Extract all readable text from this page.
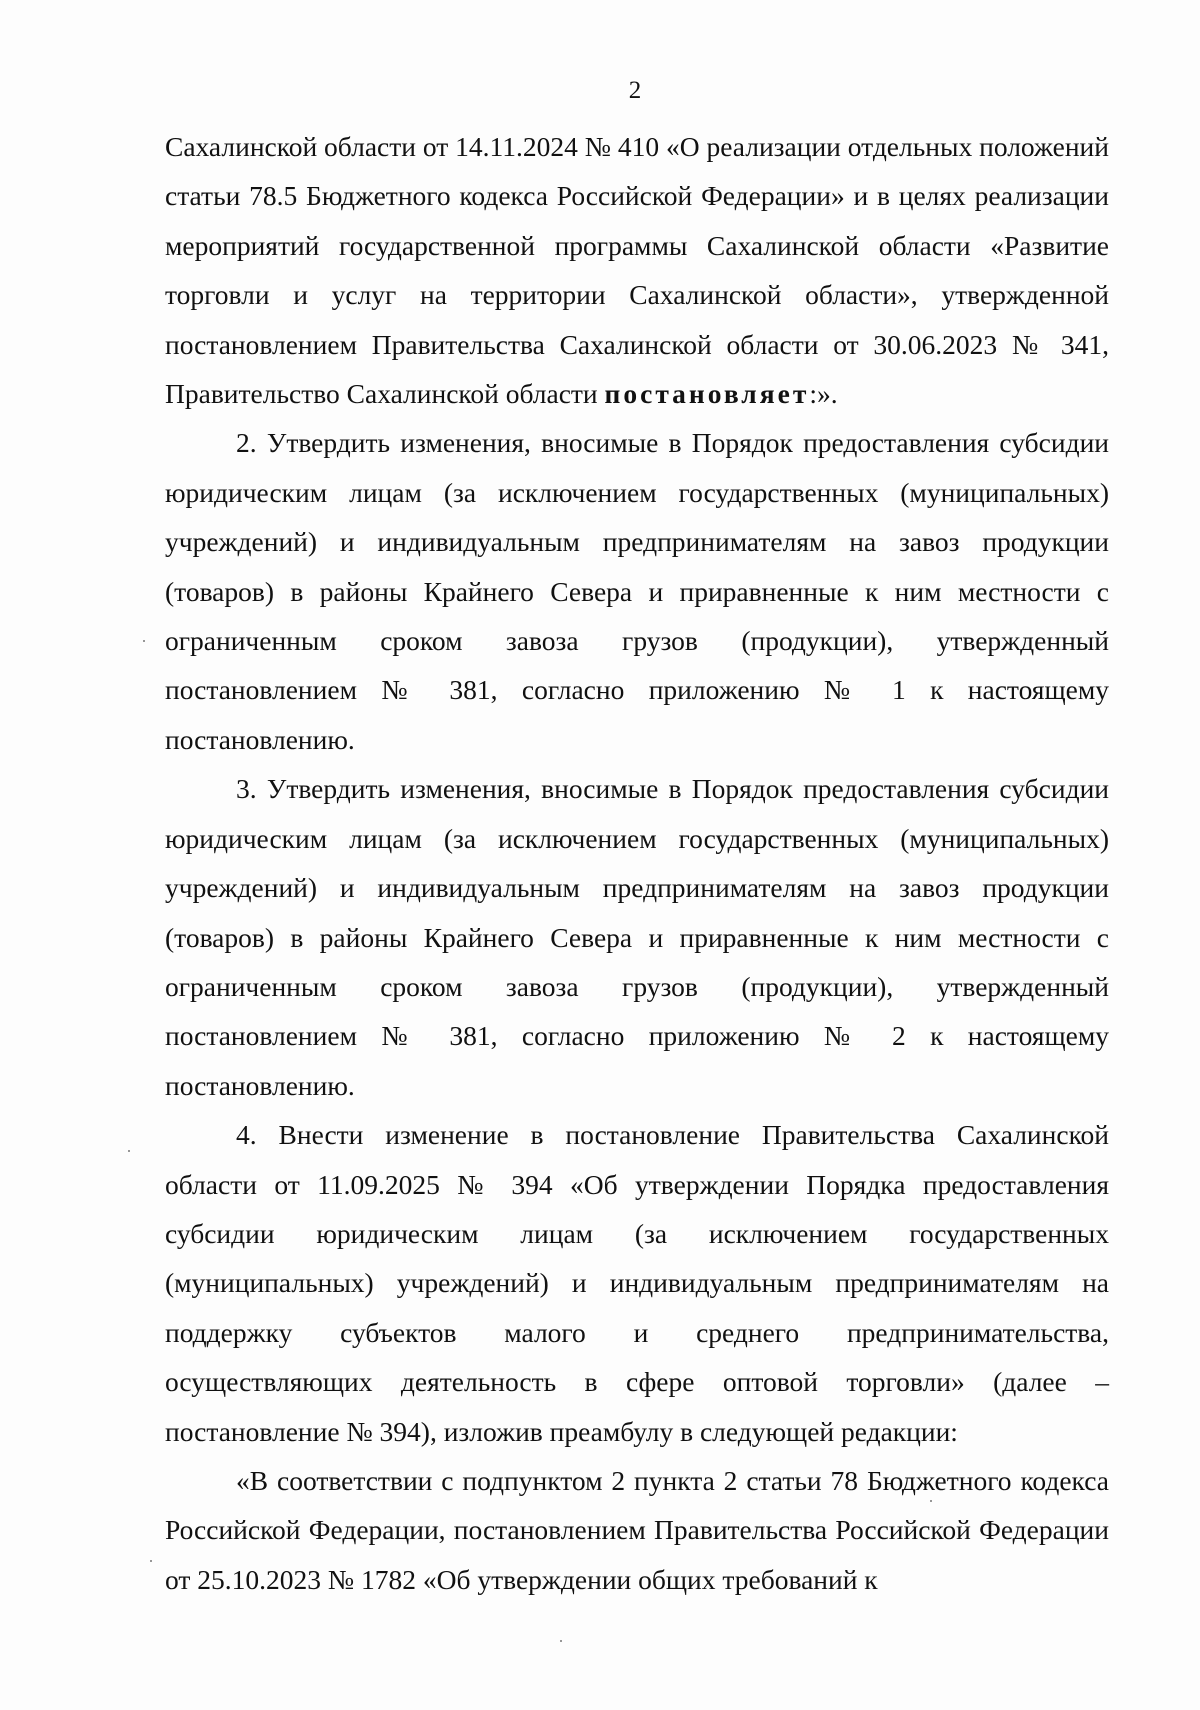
2

Сахалинской области от 14.11.2024 № 410 «О реализации отдельных положений статьи 78.5 Бюджетного кодекса Российской Федерации» и в целях реализации мероприятий государственной программы Сахалинской области «Развитие торговли и услуг на территории Сахалинской области», утвержденной постановлением Правительства Сахалинской области от 30.06.2023 № 341, Правительство Сахалинской области постановляет:».

2. Утвердить изменения, вносимые в Порядок предоставления субсидии юридическим лицам (за исключением государственных (муниципальных) учреждений) и индивидуальным предпринимателям на завоз продукции (товаров) в районы Крайнего Севера и приравненные к ним местности с ограниченным сроком завоза грузов (продукции), утвержденный постановлением № 381, согласно приложению № 1 к настоящему постановлению.

3. Утвердить изменения, вносимые в Порядок предоставления субсидии юридическим лицам (за исключением государственных (муниципальных) учреждений) и индивидуальным предпринимателям на завоз продукции (товаров) в районы Крайнего Севера и приравненные к ним местности с ограниченным сроком завоза грузов (продукции), утвержденный постановлением № 381, согласно приложению № 2 к настоящему постановлению.

4. Внести изменение в постановление Правительства Сахалинской области от 11.09.2025 № 394 «Об утверждении Порядка предоставления субсидии юридическим лицам (за исключением государственных (муниципальных) учреждений) и индивидуальным предпринимателям на поддержку субъектов малого и среднего предпринимательства, осуществляющих деятельность в сфере оптовой торговли» (далее – постановление № 394), изложив преамбулу в следующей редакции:

«В соответствии с подпунктом 2 пункта 2 статьи 78 Бюджетного кодекса Российской Федерации, постановлением Правительства Российской Федерации от 25.10.2023 № 1782 «Об утверждении общих требований к
